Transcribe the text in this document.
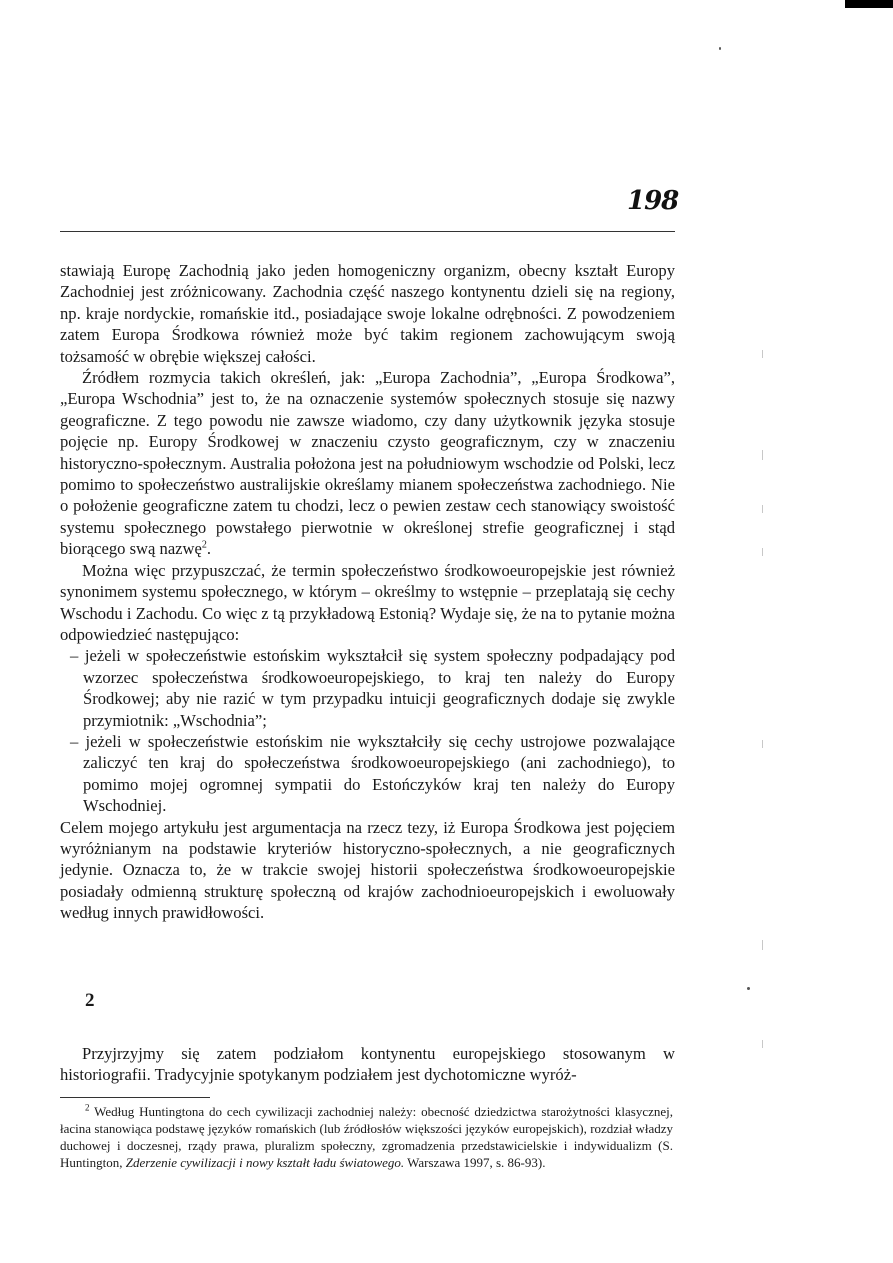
198
stawiają Europę Zachodnią jako jeden homogeniczny organizm, obecny kształt Europy Zachodniej jest zróżnicowany. Zachodnia część naszego kontynentu dzieli się na regiony, np. kraje nordyckie, romańskie itd., posiadające swoje lokalne odrębności. Z powodzeniem zatem Europa Środkowa również może być takim regionem zachowującym swoją tożsamość w obrębie większej całości.
Źródłem rozmycia takich określeń, jak: „Europa Zachodnia”, „Europa Środkowa”, „Europa Wschodnia” jest to, że na oznaczenie systemów społecznych stosuje się nazwy geograficzne. Z tego powodu nie zawsze wiadomo, czy dany użytkownik języka stosuje pojęcie np. Europy Środkowej w znaczeniu czysto geograficznym, czy w znaczeniu historyczno-społecznym. Australia położona jest na południowym wschodzie od Polski, lecz pomimo to społeczeństwo australijskie określamy mianem społeczeństwa zachodniego. Nie o położenie geograficzne zatem tu chodzi, lecz o pewien zestaw cech stanowiący swoistość systemu społecznego powstałego pierwotnie w określonej strefie geograficznej i stąd biorącego swą nazwę$^2$.
Można więc przypuszczać, że termin społeczeństwo środkowoeuropejskie jest również synonimem systemu społecznego, w którym – określmy to wstępnie – przeplatają się cechy Wschodu i Zachodu. Co więc z tą przykładową Estonią? Wydaje się, że na to pytanie można odpowiedzieć następująco:
– jeżeli w społeczeństwie estońskim wykształcił się system społeczny podpadający pod wzorzec społeczeństwa środkowoeuropejskiego, to kraj ten należy do Europy Środkowej; aby nie razić w tym przypadku intuicji geograficznych dodaje się zwykle przymiotnik: „Wschodnia”;
– jeżeli w społeczeństwie estońskim nie wykształciły się cechy ustrojowe pozwalające zaliczyć ten kraj do społeczeństwa środkowoeuropejskiego (ani zachodniego), to pomimo mojej ogromnej sympatii do Estończyków kraj ten należy do Europy Wschodniej.
Celem mojego artykułu jest argumentacja na rzecz tezy, iż Europa Środkowa jest pojęciem wyróżnianym na podstawie kryteriów historyczno-społecznych, a nie geograficznych jedynie. Oznacza to, że w trakcie swojej historii społeczeństwa środkowoeuropejskie posiadały odmienną strukturę społeczną od krajów zachodnioeuropejskich i ewoluowały według innych prawidłowości.
2
Przyjrzyjmy się zatem podziałom kontynentu europejskiego stosowanym w historiografii. Tradycyjnie spotykanym podziałem jest dychotomiczne wyróż-

$^2$ Według Huntingtona do cech cywilizacji zachodniej należy: obecność dziedzictwa starożytności klasycznej, łacina stanowiąca podstawę języków romańskich (lub źródłosłów większości języków europejskich), rozdział władzy duchowej i doczesnej, rządy prawa, pluralizm społeczny, zgromadzenia przedstawicielskie i indywidualizm (S. Huntington, Zderzenie cywilizacji i nowy kształt ładu światowego. Warszawa 1997, s. 86-93).
